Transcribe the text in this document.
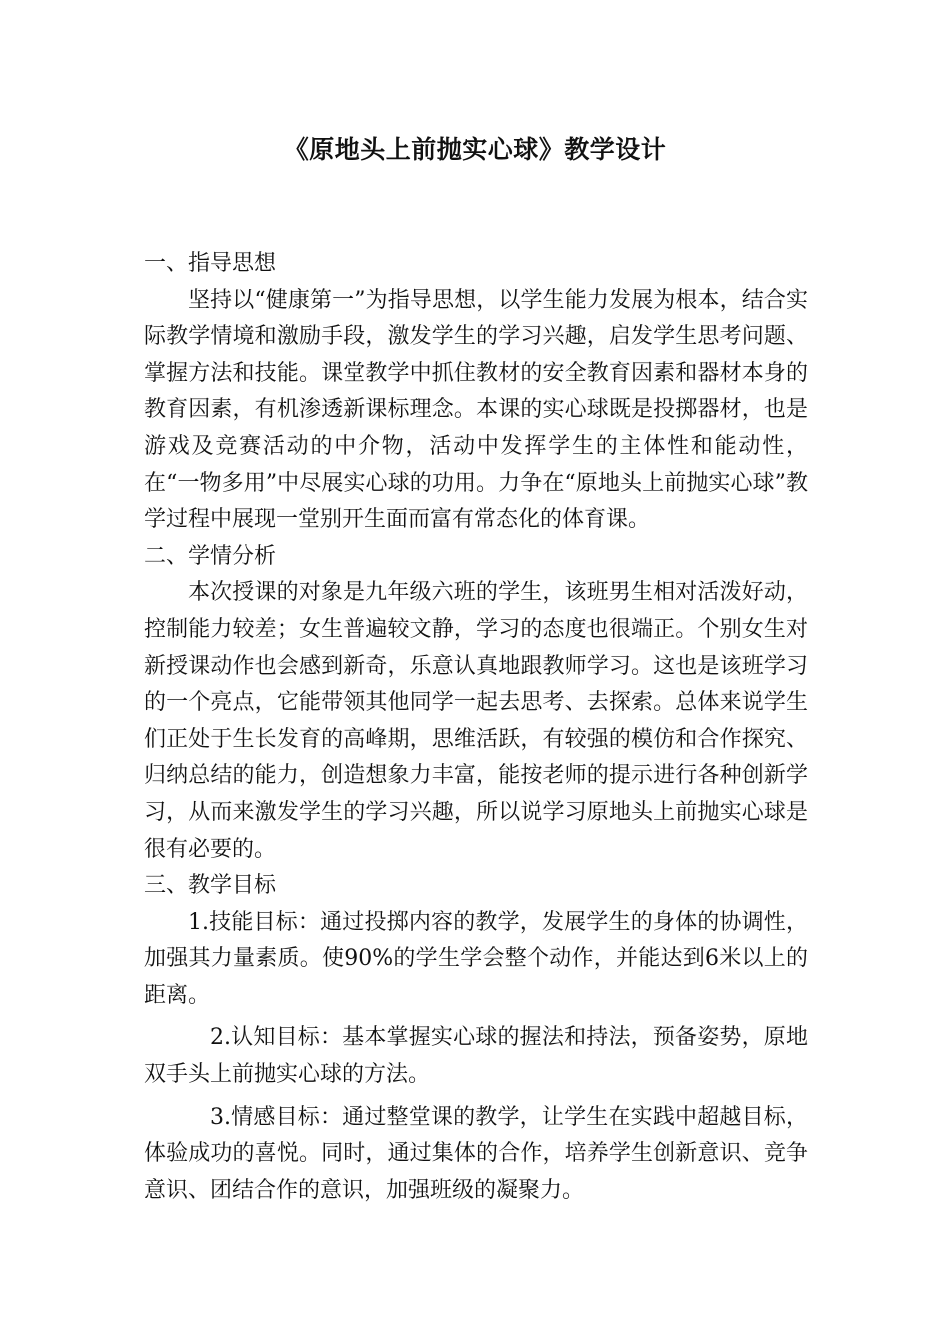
《原地头上前抛实心球》教学设计

一、指导思想

坚持以“健康第一”为指导思想，以学生能力发展为根本，结合实际教学情境和激励手段，激发学生的学习兴趣，启发学生思考问题、掌握方法和技能。课堂教学中抓住教材的安全教育因素和器材本身的教育因素，有机渗透新课标理念。本课的实心球既是投掷器材，也是游戏及竞赛活动的中介物，活动中发挥学生的主体性和能动性，在“一物多用”中尽展实心球的功用。力争在“原地头上前抛实心球”教学过程中展现一堂别开生面而富有常态化的体育课。

二、学情分析

本次授课的对象是九年级六班的学生，该班男生相对活泼好动，控制能力较差；女生普遍较文静，学习的态度也很端正。个别女生对新授课动作也会感到新奇，乐意认真地跟教师学习。这也是该班学习的一个亮点，它能带领其他同学一起去思考、去探索。总体来说学生们正处于生长发育的高峰期，思维活跃，有较强的模仿和合作探究、归纳总结的能力，创造想象力丰富，能按老师的提示进行各种创新学习，从而来激发学生的学习兴趣，所以说学习原地头上前抛实心球是很有必要的。

三、教学目标

1.技能目标：通过投掷内容的教学，发展学生的身体的协调性，加强其力量素质。使90%的学生学会整个动作，并能达到6米以上的距离。

2.认知目标：基本掌握实心球的握法和持法，预备姿势，原地双手头上前抛实心球的方法。

3.情感目标：通过整堂课的教学，让学生在实践中超越目标，体验成功的喜悦。同时，通过集体的合作，培养学生创新意识、竞争意识、团结合作的意识，加强班级的凝聚力。
